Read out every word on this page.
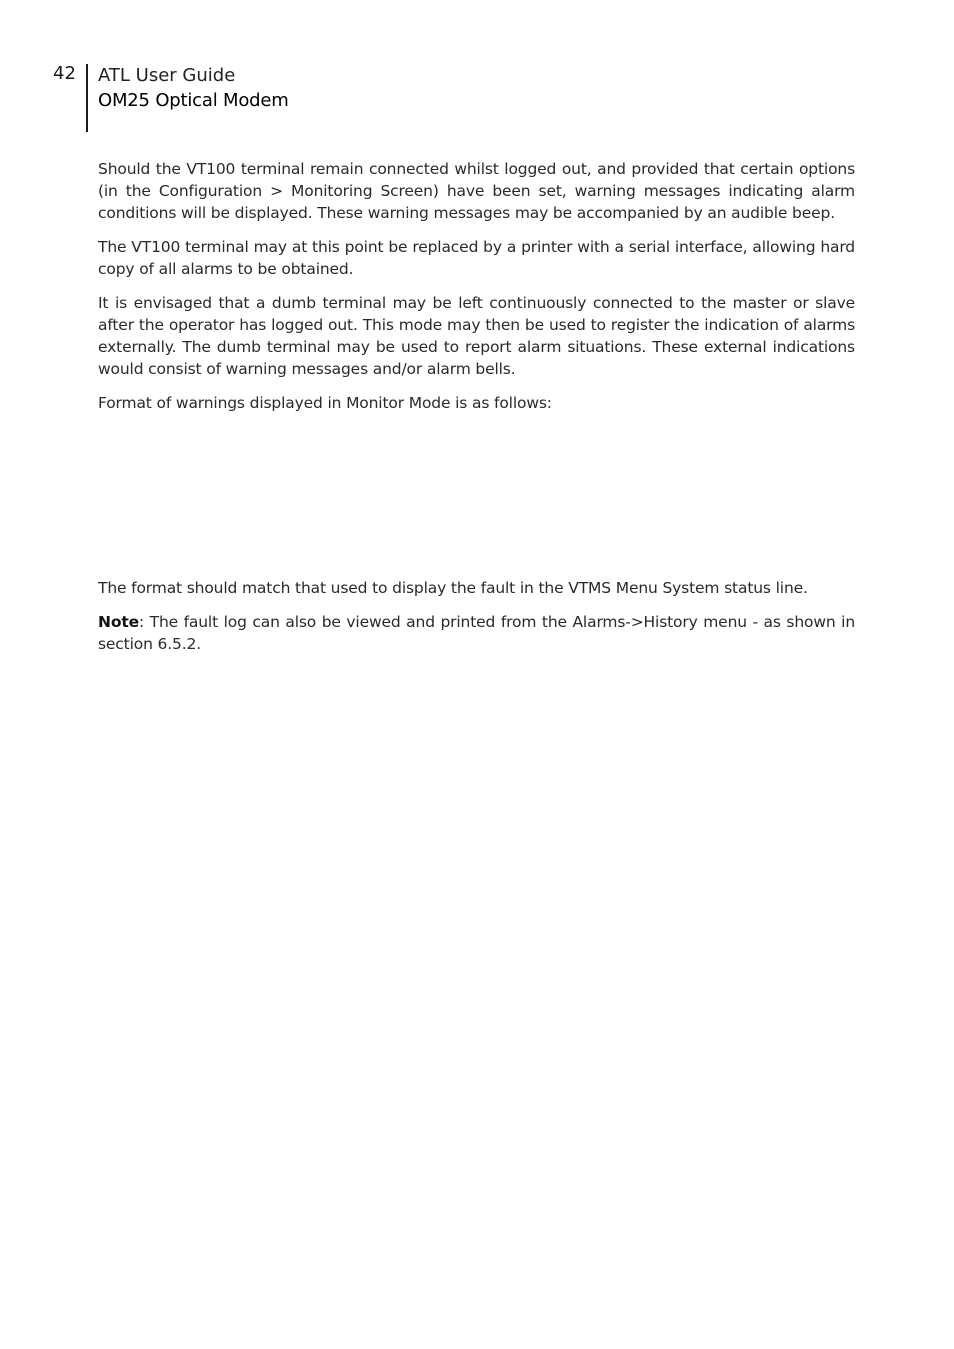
42 ATL User Guide
OM25 Optical Modem

Should the VT100 terminal remain connected whilst logged out, and provided that certain options (in the Configuration > Monitoring Screen) have been set, warning messages indicating alarm conditions will be displayed. These warning messages may be accompanied by an audible beep.

The VT100 terminal may at this point be replaced by a printer with a serial interface, allowing hard copy of all alarms to be obtained.

It is envisaged that a dumb terminal may be left continuously connected to the master or slave after the operator has logged out. This mode may then be used to register the indication of alarms externally. The dumb terminal may be used to report alarm situations. These external indications would consist of warning messages and/or alarm bells.

Format of warnings displayed in Monitor Mode is as follows:

The format should match that used to display the fault in the VTMS Menu System status line.

Note: The fault log can also be viewed and printed from the Alarms->History menu - as shown in section 6.5.2.
